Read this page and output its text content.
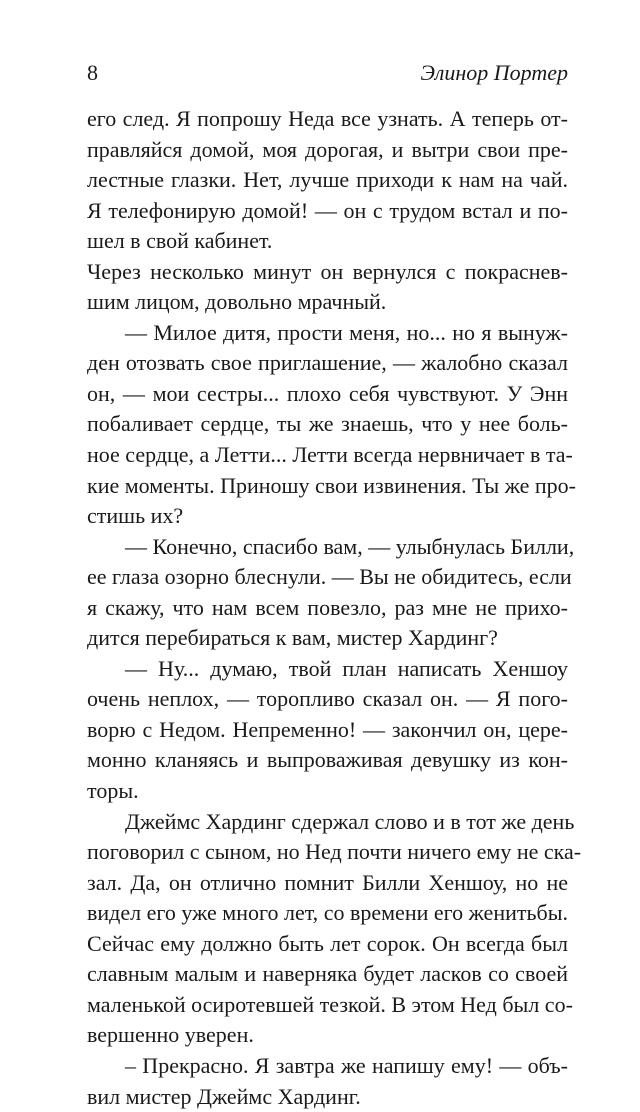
8	Элинор Портер
его след. Я попрошу Неда все узнать. А теперь от-
правляйся домой, моя дорогая, и вытри свои пре-
лестные глазки. Нет, лучше приходи к нам на чай.
Я телефонирую домой! — он с трудом встал и по-
шел в свой кабинет.
Через несколько минут он вернулся с покраснев-
шим лицом, довольно мрачный.
— Милое дитя, прости меня, но... но я вынуж-
ден отозвать свое приглашение, — жалобно сказал
он, — мои сестры... плохо себя чувствуют. У Энн
побаливает сердце, ты же знаешь, что у нее боль-
ное сердце, а Летти... Летти всегда нервничает в та-
кие моменты. Приношу свои извинения. Ты же про-
стишь их?
— Конечно, спасибо вам, — улыбнулась Билли,
ее глаза озорно блеснули. — Вы не обидитесь, если
я скажу, что нам всем повезло, раз мне не прихо-
дится перебираться к вам, мистер Хардинг?
— Ну... думаю, твой план написать Хеншоу
очень неплох, — торопливо сказал он. — Я пого-
ворю с Недом. Непременно! — закончил он, цере-
монно кланяясь и выпроваживая девушку из кон-
торы.
Джеймс Хардинг сдержал слово и в тот же день
поговорил с сыном, но Нед почти ничего ему не ска-
зал. Да, он отлично помнит Билли Хеншоу, но не
видел его уже много лет, со времени его женитьбы.
Сейчас ему должно быть лет сорок. Он всегда был
славным малым и наверняка будет ласков со своей
маленькой осиротевшей тезкой. В этом Нед был со-
вершенно уверен.
– Прекрасно. Я завтра же напишу ему! — объ-
вил мистер Джеймс Хардинг.
